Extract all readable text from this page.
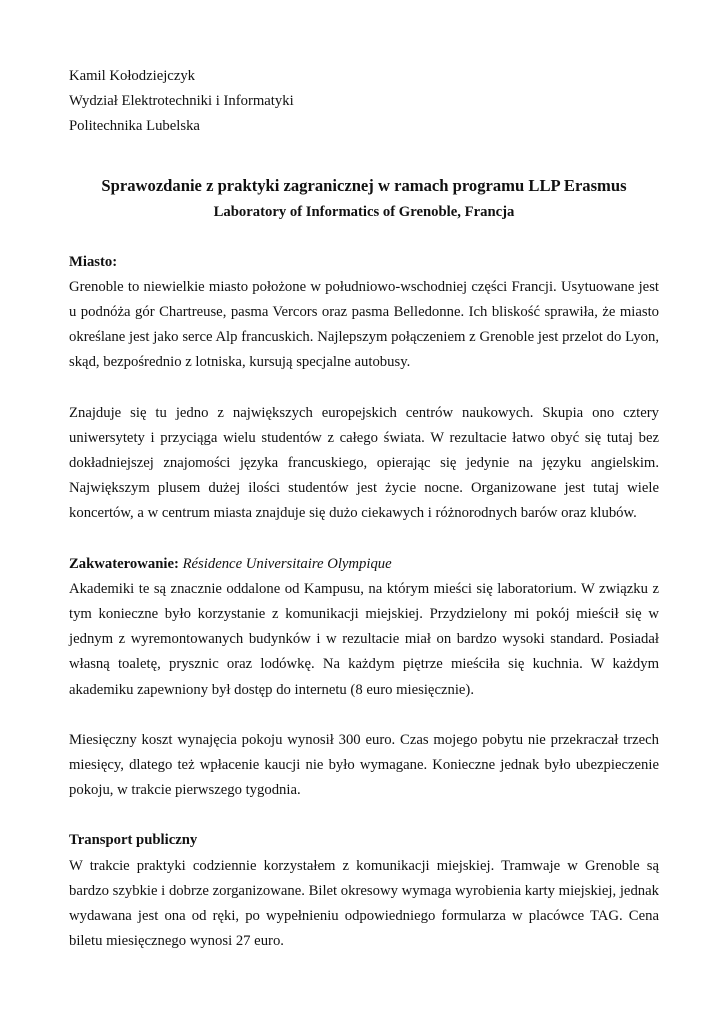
Kamil Kołodziejczyk

Wydział Elektrotechniki i Informatyki

Politechnika Lubelska

Sprawozdanie z praktyki zagranicznej w ramach programu LLP Erasmus

Laboratory of Informatics of Grenoble, Francja

Miasto:

Grenoble to niewielkie miasto położone w południowo-wschodniej części Francji. Usytuowane jest u podnóża gór Chartreuse, pasma Vercors oraz pasma Belledonne. Ich bliskość sprawiła, że miasto określane jest jako serce Alp francuskich. Najlepszym połączeniem z Grenoble jest przelot do Lyon, skąd, bezpośrednio z lotniska, kursują specjalne autobusy.

Znajduje się tu jedno z największych europejskich centrów naukowych. Skupia ono cztery uniwersytety i przyciąga wielu studentów z całego świata. W rezultacie łatwo obyć się tutaj bez dokładniejszej znajomości języka francuskiego, opierając się jedynie na języku angielskim. Największym plusem dużej ilości studentów jest życie nocne. Organizowane jest tutaj wiele koncertów, a w centrum miasta znajduje się dużo ciekawych i różnorodnych barów oraz klubów.

Zakwaterowanie: Résidence Universitaire Olympique

Akademiki te są znacznie oddalone od Kampusu, na którym mieści się laboratorium. W związku z tym konieczne było korzystanie z komunikacji miejskiej. Przydzielony mi pokój mieścił się w jednym z wyremontowanych budynków i w rezultacie miał on bardzo wysoki standard. Posiadał własną toaletę, prysznic oraz lodówkę. Na każdym piętrze mieściła się kuchnia. W każdym akademiku zapewniony był dostęp do internetu (8 euro miesięcznie).

Miesięczny koszt wynajęcia pokoju wynosił 300 euro. Czas mojego pobytu nie przekraczał trzech miesięcy, dlatego też wpłacenie kaucji nie było wymagane. Konieczne jednak było ubezpieczenie pokoju, w trakcie pierwszego tygodnia.

Transport publiczny

W trakcie praktyki codziennie korzystałem z komunikacji miejskiej. Tramwaje w Grenoble są bardzo szybkie i dobrze zorganizowane. Bilet okresowy wymaga wyrobienia karty miejskiej, jednak wydawana jest ona od ręki, po wypełnieniu odpowiedniego formularza w placówce TAG. Cena biletu miesięcznego wynosi 27 euro.
